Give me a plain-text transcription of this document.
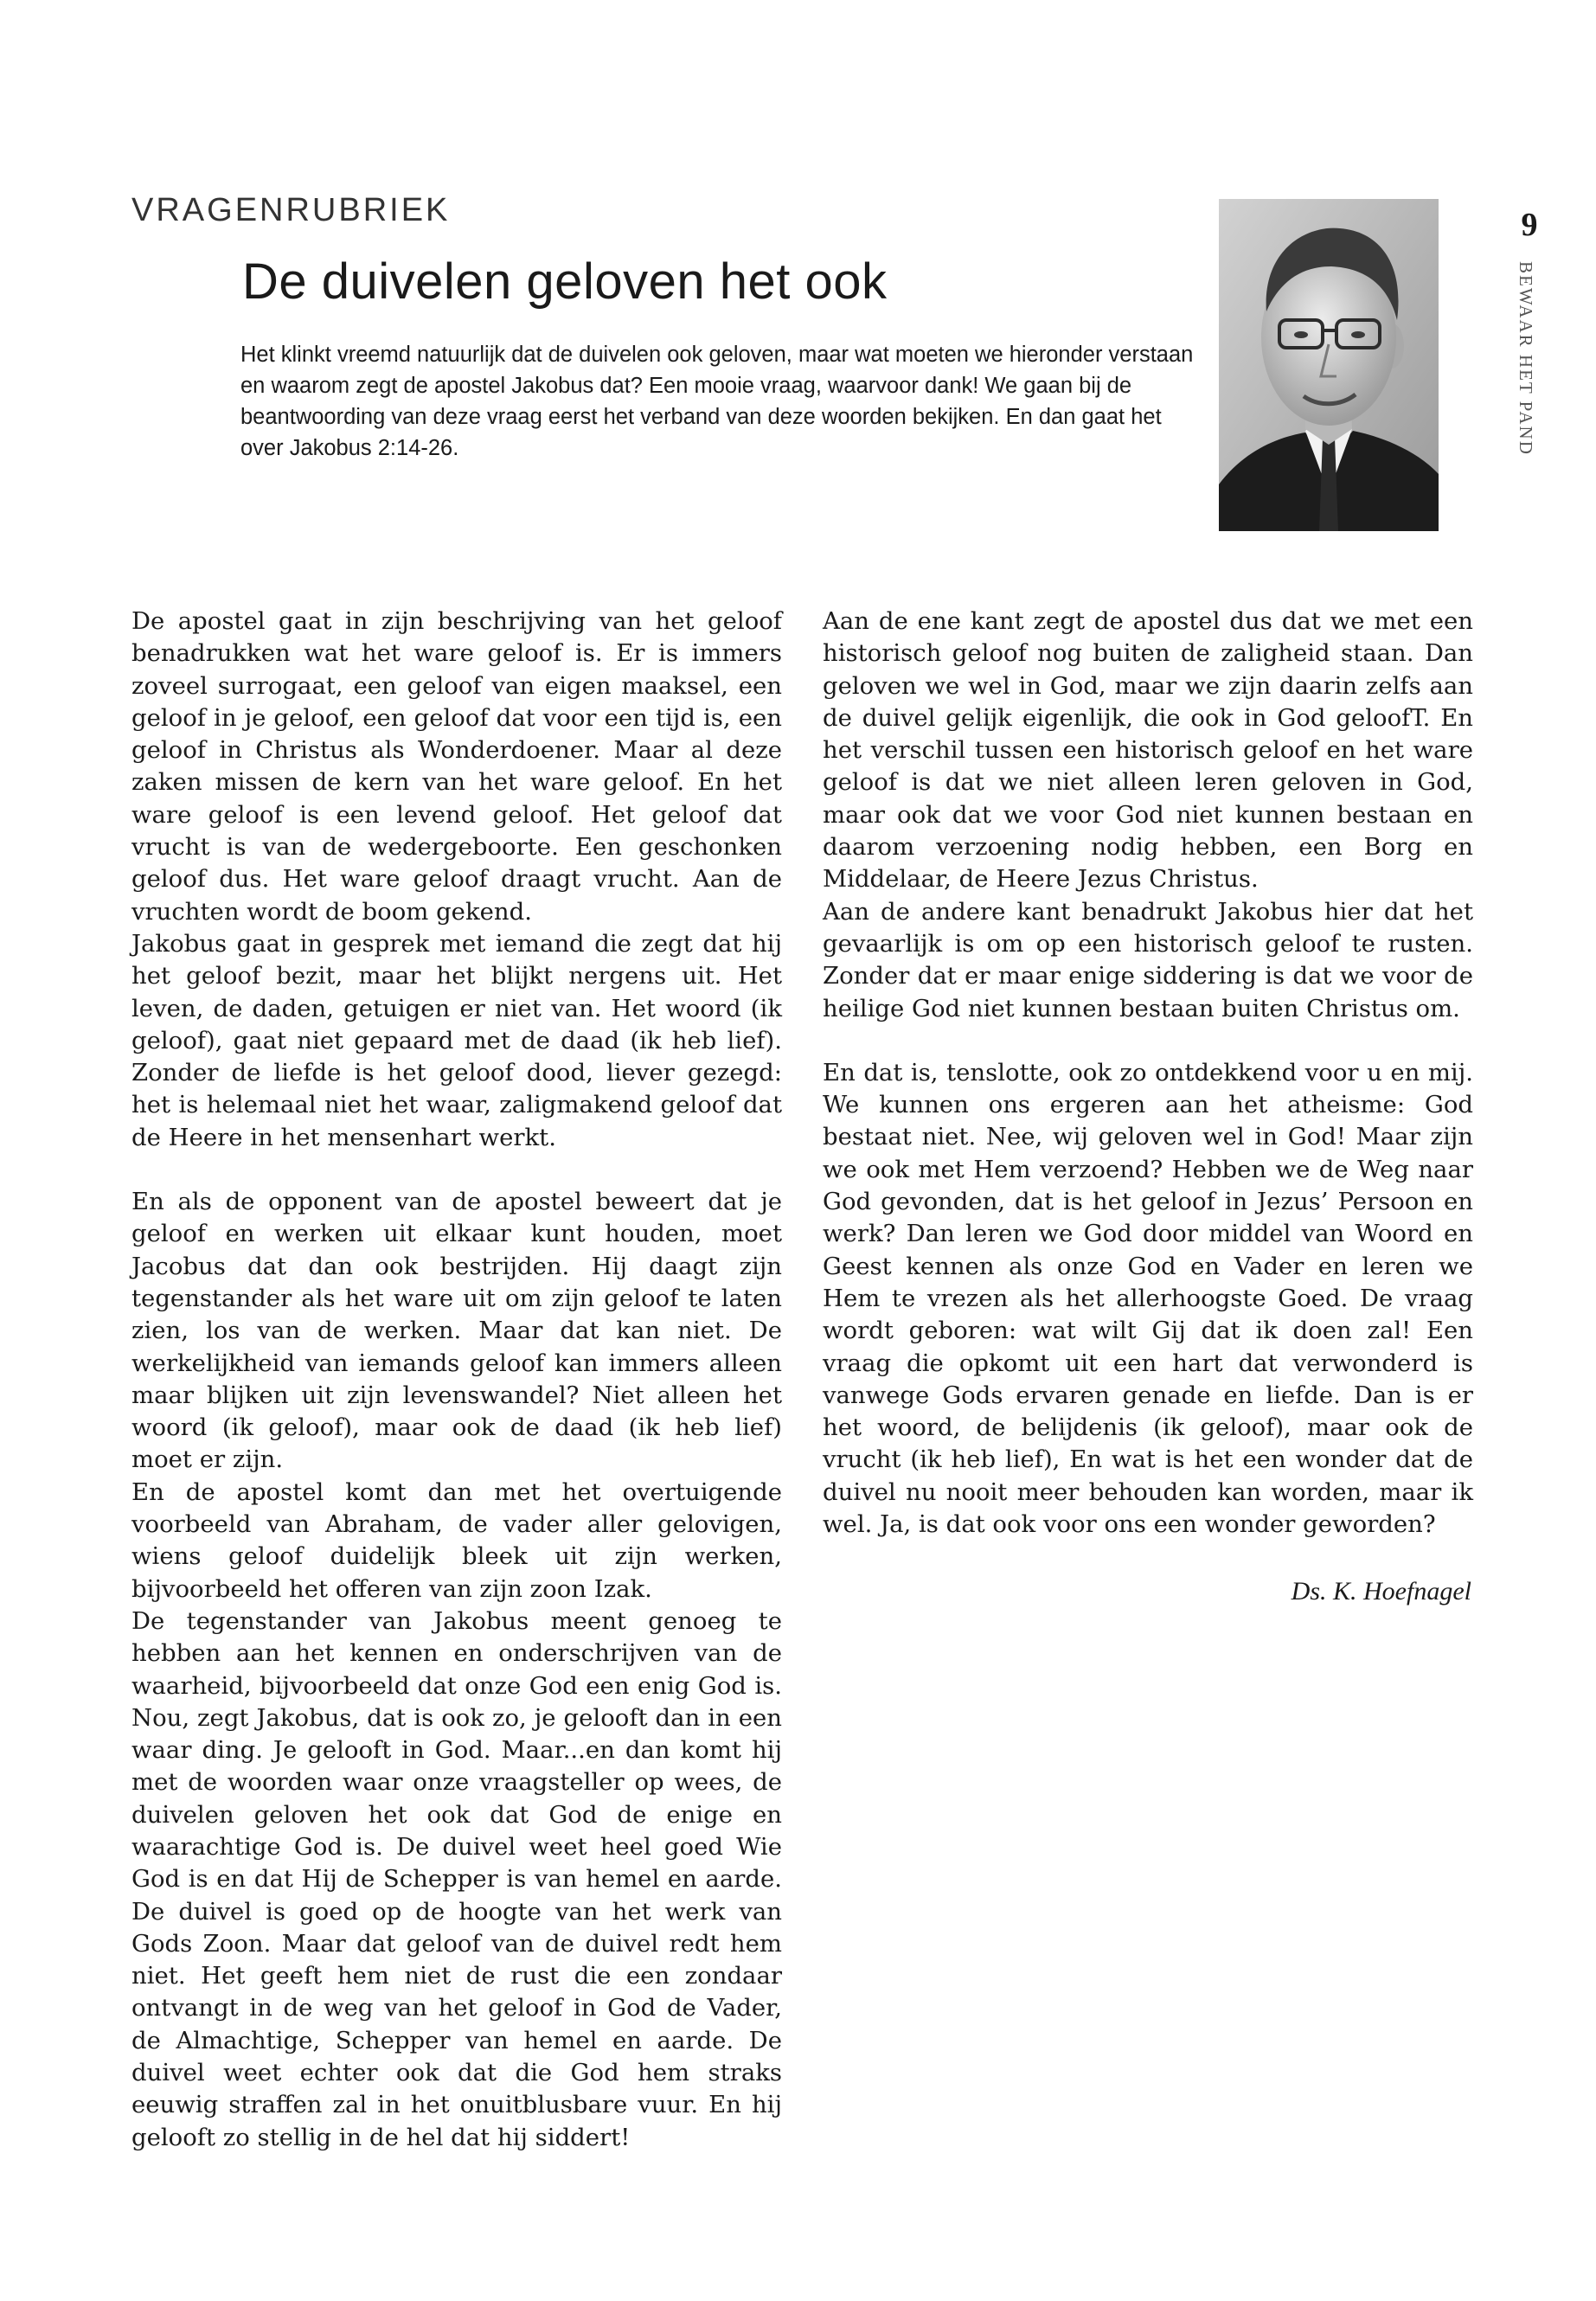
VRAGENRUBRIEK
De duivelen geloven het ook

Het klinkt vreemd natuurlijk dat de duivelen ook geloven, maar wat moeten we hieronder verstaan en waarom zegt de apostel Jakobus dat? Een mooie vraag, waarvoor dank! We gaan bij de beantwoording van deze vraag eerst het verband van deze woorden bekijken. En dan gaat het over Jakobus 2:14-26.

9
BEWAAR HET PAND

De apostel gaat in zijn beschrijving van het geloof benadrukken wat het ware geloof is. Er is immers zoveel surrogaat, een geloof van eigen maaksel, een geloof in je geloof, een geloof dat voor een tijd is, een geloof in Christus als Wonderdoener. Maar al deze zaken missen de kern van het ware geloof. En het ware geloof is een levend geloof. Het geloof dat vrucht is van de wedergeboorte. Een geschonken geloof dus. Het ware geloof draagt vrucht. Aan de vruchten wordt de boom gekend.

Jakobus gaat in gesprek met iemand die zegt dat hij het geloof bezit, maar het blijkt nergens uit. Het leven, de daden, getuigen er niet van. Het woord (ik geloof), gaat niet gepaard met de daad (ik heb lief). Zonder de liefde is het geloof dood, liever gezegd: het is helemaal niet het waar, zaligmakend geloof dat de Heere in het mensenhart werkt.

En als de opponent van de apostel beweert dat je geloof en werken uit elkaar kunt houden, moet Jacobus dat dan ook bestrijden. Hij daagt zijn tegenstander als het ware uit om zijn geloof te laten zien, los van de werken. Maar dat kan niet. De werkelijkheid van iemands geloof kan immers alleen maar blijken uit zijn levenswandel? Niet alleen het woord (ik geloof), maar ook de daad (ik heb lief) moet er zijn.

En de apostel komt dan met het overtuigende voorbeeld van Abraham, de vader aller gelovigen, wiens geloof duidelijk bleek uit zijn werken, bijvoorbeeld het offeren van zijn zoon Izak.

De tegenstander van Jakobus meent genoeg te hebben aan het kennen en onderschrijven van de waarheid, bijvoorbeeld dat onze God een enig God is. Nou, zegt Jakobus, dat is ook zo, je gelooft dan in een waar ding. Je gelooft in God. Maar...en dan komt hij met de woorden waar onze vraagsteller op wees, de duivelen geloven het ook dat God de enige en waarachtige God is. De duivel weet heel goed Wie God is en dat Hij de Schepper is van hemel en aarde. De duivel is goed op de hoogte van het werk van Gods Zoon. Maar dat geloof van de duivel redt hem niet. Het geeft hem niet de rust die een zondaar ontvangt in de weg van het geloof in God de Vader, de Almachtige, Schepper van hemel en aarde. De duivel weet echter ook dat die God hem straks eeuwig straffen zal in het onuitblusbare vuur. En hij gelooft zo stellig in de hel dat hij siddert!

Aan de ene kant zegt de apostel dus dat we met een historisch geloof nog buiten de zaligheid staan. Dan geloven we wel in God, maar we zijn daarin zelfs aan de duivel gelijk eigenlijk, die ook in God geloofT. En het verschil tussen een historisch geloof en het ware geloof is dat we niet alleen leren geloven in God, maar ook dat we voor God niet kunnen bestaan en daarom verzoening nodig hebben, een Borg en Middelaar, de Heere Jezus Christus.

Aan de andere kant benadrukt Jakobus hier dat het gevaarlijk is om op een historisch geloof te rusten. Zonder dat er maar enige siddering is dat we voor de heilige God niet kunnen bestaan buiten Christus om.

En dat is, tenslotte, ook zo ontdekkend voor u en mij. We kunnen ons ergeren aan het atheisme: God bestaat niet. Nee, wij geloven wel in God! Maar zijn we ook met Hem verzoend? Hebben we de Weg naar God gevonden, dat is het geloof in Jezus’ Persoon en werk? Dan leren we God door middel van Woord en Geest kennen als onze God en Vader en leren we Hem te vrezen als het allerhoogste Goed. De vraag wordt geboren: wat wilt Gij dat ik doen zal! Een vraag die opkomt uit een hart dat verwonderd is vanwege Gods ervaren genade en liefde. Dan is er het woord, de belijdenis (ik geloof), maar ook de vrucht (ik heb lief), En wat is het een wonder dat de duivel nu nooit meer behouden kan worden, maar ik wel. Ja, is dat ook voor ons een wonder geworden?

Ds. K. Hoefnagel
